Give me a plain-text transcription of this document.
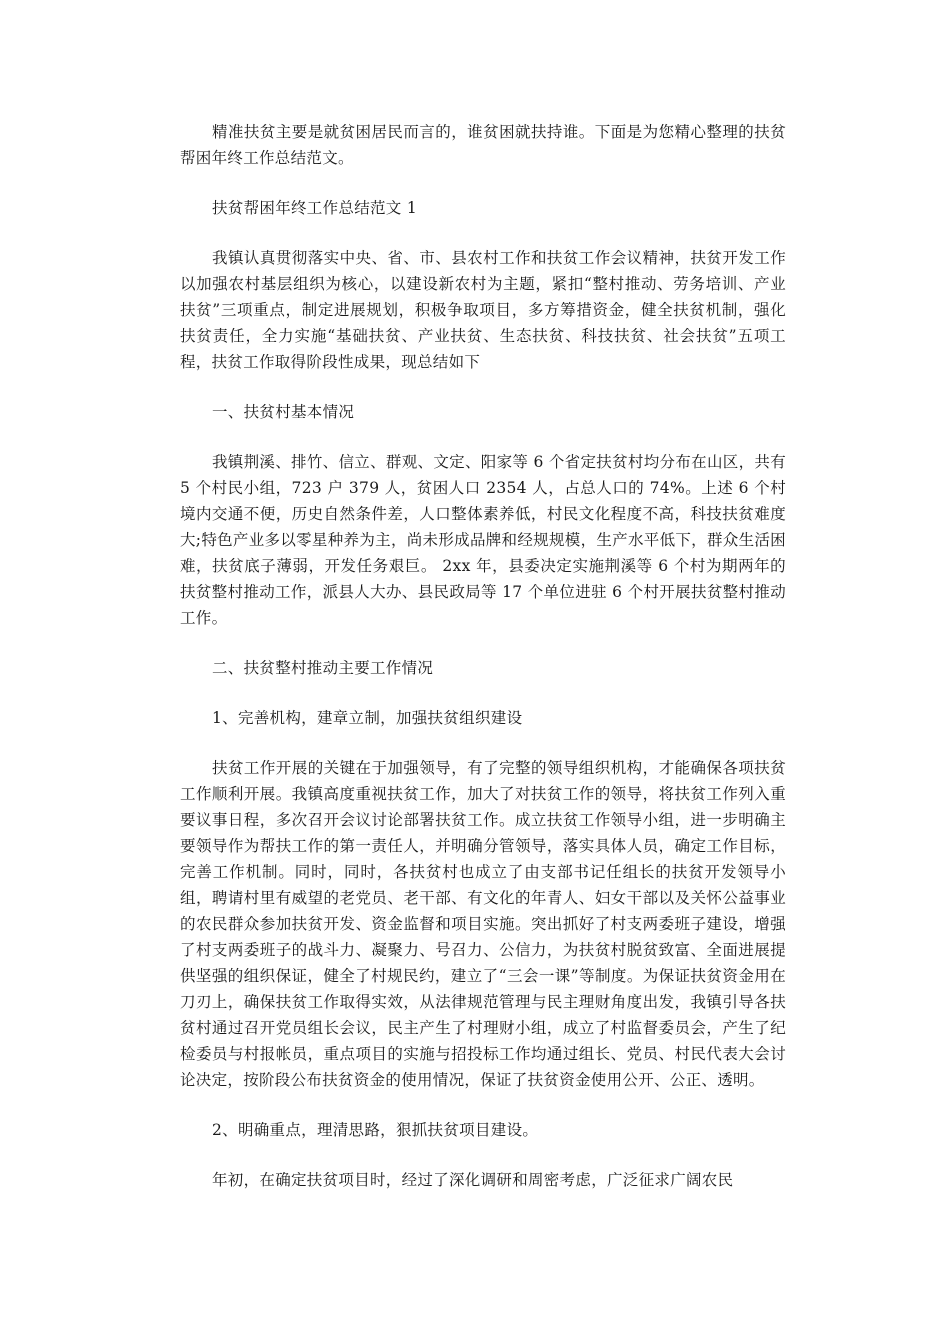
精准扶贫主要是就贫困居民而言的，谁贫困就扶持谁。下面是为您精心整理的扶贫帮困年终工作总结范文。

扶贫帮困年终工作总结范文 1

我镇认真贯彻落实中央、省、市、县农村工作和扶贫工作会议精神，扶贫开发工作以加强农村基层组织为核心，以建设新农村为主题，紧扣“整村推动、劳务培训、产业扶贫”三项重点，制定进展规划，积极争取项目，多方筹措资金，健全扶贫机制，强化扶贫责任，全力实施“基础扶贫、产业扶贫、生态扶贫、科技扶贫、社会扶贫”五项工程，扶贫工作取得阶段性成果，现总结如下

一、扶贫村基本情况

我镇荆溪、排竹、信立、群观、文定、阳家等 6 个省定扶贫村均分布在山区，共有 5 个村民小组，723 户 379 人，贫困人口 2354 人，占总人口的 74%。上述 6 个村境内交通不便，历史自然条件差，人口整体素养低，村民文化程度不高，科技扶贫难度大;特色产业多以零星种养为主，尚未形成品牌和经规规模，生产水平低下，群众生活困难，扶贫底子薄弱，开发任务艰巨。 2xx 年，县委决定实施荆溪等 6 个村为期两年的扶贫整村推动工作，派县人大办、县民政局等 17 个单位进驻 6 个村开展扶贫整村推动工作。

二、扶贫整村推动主要工作情况

1、完善机构，建章立制，加强扶贫组织建设

扶贫工作开展的关键在于加强领导，有了完整的领导组织机构，才能确保各项扶贫工作顺利开展。我镇高度重视扶贫工作，加大了对扶贫工作的领导，将扶贫工作列入重要议事日程，多次召开会议讨论部署扶贫工作。成立扶贫工作领导小组，进一步明确主要领导作为帮扶工作的第一责任人，并明确分管领导，落实具体人员，确定工作目标，完善工作机制。同时，同时，各扶贫村也成立了由支部书记任组长的扶贫开发领导小组，聘请村里有威望的老党员、老干部、有文化的年青人、妇女干部以及关怀公益事业的农民群众参加扶贫开发、资金监督和项目实施。突出抓好了村支两委班子建设，增强了村支两委班子的战斗力、凝聚力、号召力、公信力，为扶贫村脱贫致富、全面进展提供坚强的组织保证，健全了村规民约，建立了“三会一课”等制度。为保证扶贫资金用在刀刃上，确保扶贫工作取得实效，从法律规范管理与民主理财角度出发，我镇引导各扶贫村通过召开党员组长会议，民主产生了村理财小组，成立了村监督委员会，产生了纪检委员与村报帐员，重点项目的实施与招投标工作均通过组长、党员、村民代表大会讨论决定，按阶段公布扶贫资金的使用情况，保证了扶贫资金使用公开、公正、透明。

2、明确重点，理清思路，狠抓扶贫项目建设。

年初，在确定扶贫项目时，经过了深化调研和周密考虑，广泛征求广阔农民
